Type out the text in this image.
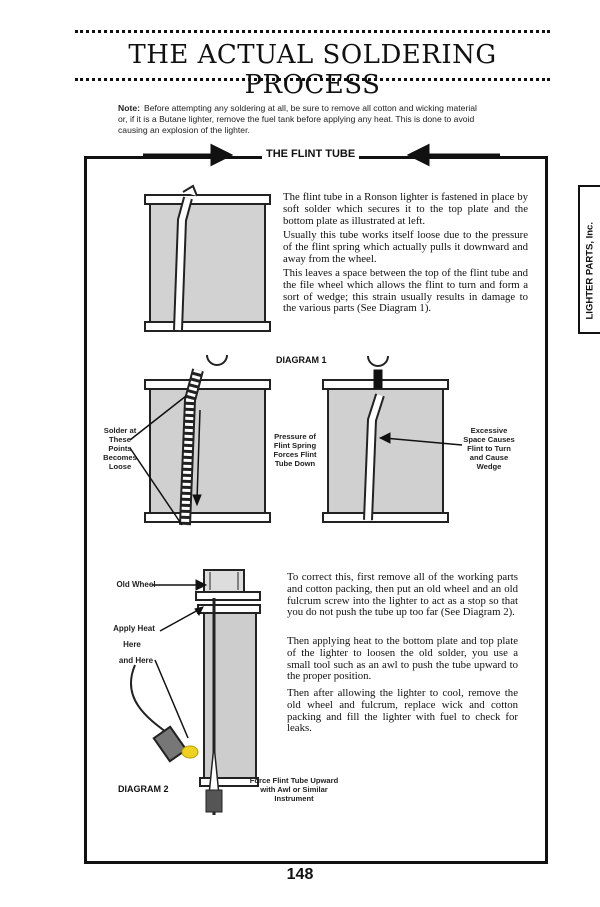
THE ACTUAL SOLDERING PROCESS
Note: Before attempting any soldering at all, be sure to remove all cotton and wicking material or, if it is a Butane lighter, remove the fuel tank before applying any heat. This is done to avoid causing an explosion of the lighter.
LIGHTER PARTS, Inc.
THE FLINT TUBE
The flint tube in a Ronson lighter is fastened in place by soft solder which secures it to the top plate and the bottom plate as illustrated at left.
Usually this tube works itself loose due to the pressure of the flint spring which actually pulls it downward and away from the wheel.
This leaves a space between the top of the flint tube and the file wheel which allows the flint to turn and form a sort of wedge; this strain usually results in damage to the various parts (See Diagram 1).
DIAGRAM 1
Solder at These Points Becomes Loose
Pressure of Flint Spring Forces Flint Tube Down
Excessive Space Causes Flint to Turn and Cause Wedge
Old Wheel
Apply Heat
Here
and Here
Force Flint Tube Upward with Awl or Similar Instrument
DIAGRAM 2
To correct this, first remove all of the working parts and cotton packing, then put an old wheel and an old fulcrum screw into the lighter to act as a stop so that you do not push the tube up too far (See Diagram 2).
Then applying heat to the bottom plate and top plate of the lighter to loosen the old solder, you use a small tool such as an awl to push the tube upward to the proper position.
Then after allowing the lighter to cool, remove the old wheel and fulcrum, replace wick and cotton packing and fill the lighter with fuel to check for leaks.
148
